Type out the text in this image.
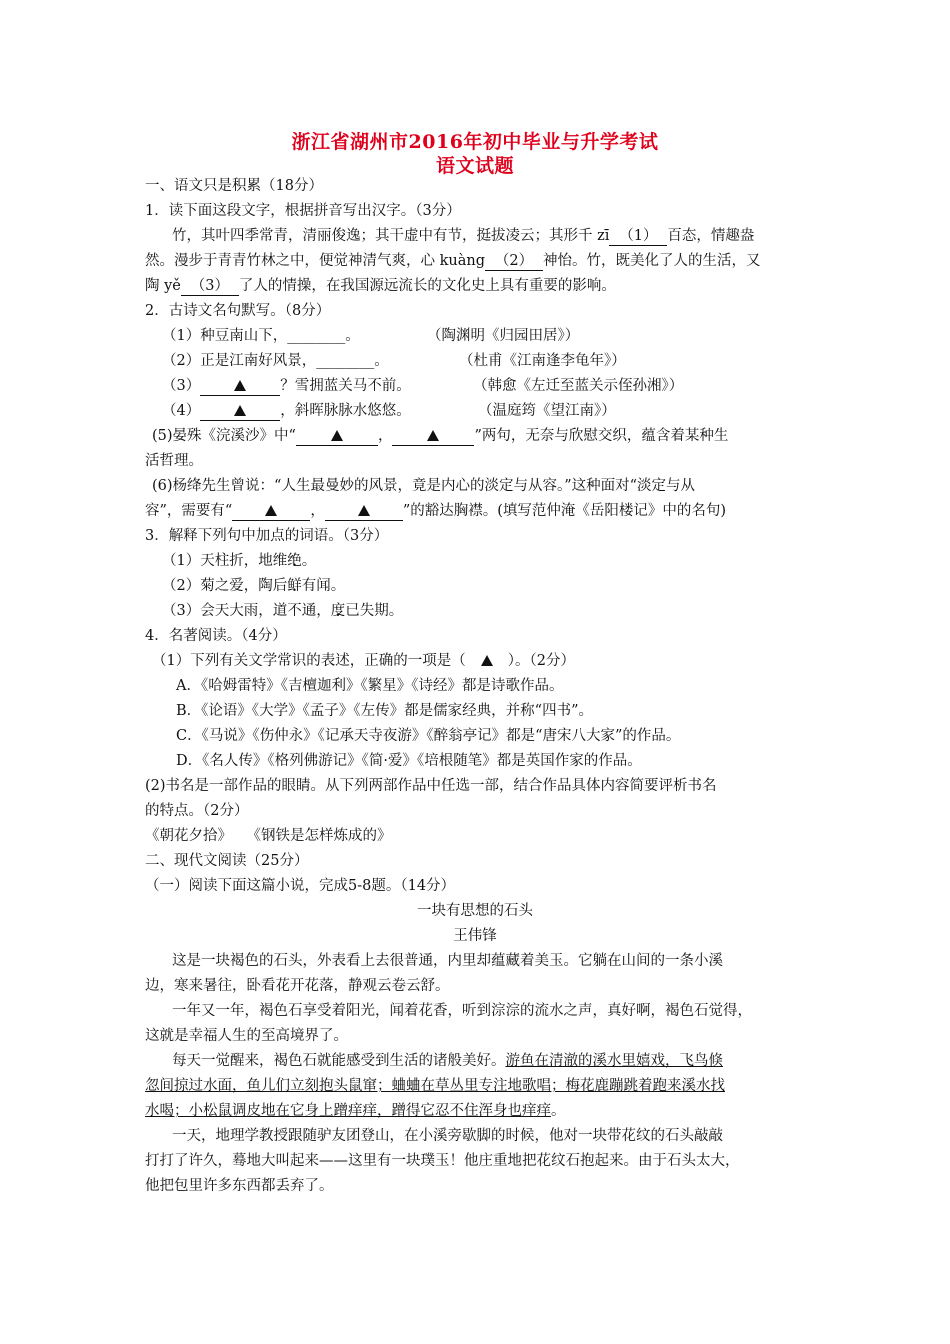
浙江省湖州市2016年初中毕业与升学考试
语文试题
一、语文只是积累（18分）
1．读下面这段文字，根据拼音写出汉字。（3分）
竹，其叶四季常青，清丽俊逸；其干虚中有节，挺拔凌云；其形千 zī （1） 百态，情趣盎
然。漫步于青青竹林之中，便觉神清气爽，心 kuàng （2） 神怡。竹，既美化了人的生活，又
陶 yě （3） 了人的情操，在我国源远流长的文化史上具有重要的影响。
2．古诗文名句默写。（8分）
（1）种豆南山下，________。	（陶渊明《归园田居》）
（2）正是江南好风景，________。	（杜甫《江南逢李龟年》）
（3）	？雪拥蓝关马不前。	（韩愈《左迁至蓝关示侄孙湘》）
（4）	，斜晖脉脉水悠悠。	（温庭筠《望江南》）
(5)晏殊《浣溪沙》中“	，	”两句，无奈与欣慰交织，蕴含着某种生
活哲理。
(6)杨绛先生曾说：“人生最曼妙的风景，竟是内心的淡定与从容。”这种面对“淡定与从
容”，需要有“	，	”的豁达胸襟。(填写范仲淹《岳阳楼记》中的名句)
3．解释下列句中加点的词语。（3分）
（1）天柱折，地维绝。
（2）菊之爱，陶后鲜有闻。
（3）会天大雨，道不通，度已失期。
4．名著阅读。（4分）
（1）下列有关文学常识的表述，正确的一项是（	）。（2分）
A．《哈姆雷特》《吉檀迦利》《繁星》《诗经》都是诗歌作品。
B．《论语》《大学》《孟子》《左传》都是儒家经典，并称“四书”。
C．《马说》《伤仲永》《记承天寺夜游》《醉翁亭记》都是“唐宋八大家”的作品。
D．《名人传》《格列佛游记》《简·爱》《培根随笔》都是英国作家的作品。
(2)书名是一部作品的眼睛。从下列两部作品中任选一部，结合作品具体内容简要评析书名
的特点。（2分）
《朝花夕拾》　　《钢铁是怎样炼成的》
二、现代文阅读（25分）
（一）阅读下面这篇小说，完成5-8题。（14分）
一块有思想的石头
王伟锋
这是一块褐色的石头，外表看上去很普通，内里却蕴藏着美玉。它躺在山间的一条小溪
边，寒来暑往，卧看花开花落，静观云卷云舒。
一年又一年，褐色石享受着阳光，闻着花香，听到淙淙的流水之声，真好啊，褐色石觉得，
这就是幸福人生的至高境界了。
每天一觉醒来，褐色石就能感受到生活的诸般美好。游鱼在清澈的溪水里嬉戏，飞鸟倏
忽间掠过水面，鱼儿们立刻抱头鼠窜；蛐蛐在草丛里专注地歌唱；梅花鹿蹦跳着跑来溪水找
水喝；小松鼠调皮地在它身上蹭痒痒，蹭得它忍不住浑身也痒痒。
一天，地理学教授跟随驴友团登山，在小溪旁歇脚的时候，他对一块带花纹的石头敲敲
打打了许久，蓦地大叫起来——这里有一块璞玉！他庄重地把花纹石抱起来。由于石头太大，
他把包里许多东西都丢弃了。
